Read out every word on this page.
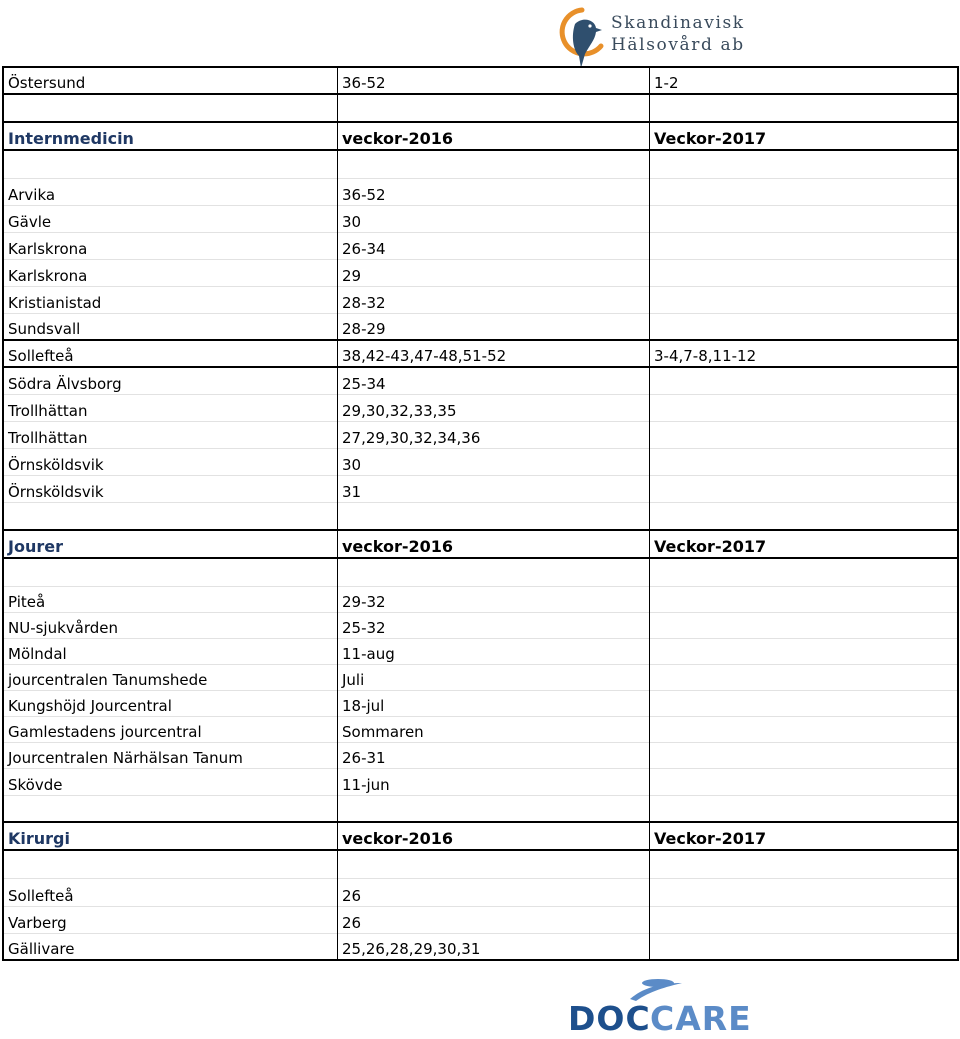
Skandinavisk
Hälsovård ab
Östersund	36-52	1-2

Internmedicin	veckor-2016	Veckor-2017

Arvika	36-52	
Gävle	30	
Karlskrona	26-34	
Karlskrona	29	
Kristianistad	28-32	
Sundsvall	28-29	
Sollefteå	38,42-43,47-48,51-52	3-4,7-8,11-12
Södra Älvsborg	25-34	
Trollhättan	29,30,32,33,35	
Trollhättan	27,29,30,32,34,36	
Örnsköldsvik	30	
Örnsköldsvik	31	

Jourer	veckor-2016	Veckor-2017

Piteå	29-32	
NU-sjukvården	25-32	
Mölndal	11-aug	
jourcentralen Tanumshede	Juli	
Kungshöjd Jourcentral	18-jul	
Gamlestadens jourcentral	Sommaren	
Jourcentralen Närhälsan Tanum	26-31	
Skövde	11-jun	

Kirurgi	veckor-2016	Veckor-2017

Sollefteå	26	
Varberg	26	
Gällivare	25,26,28,29,30,31	
DOC CARE
